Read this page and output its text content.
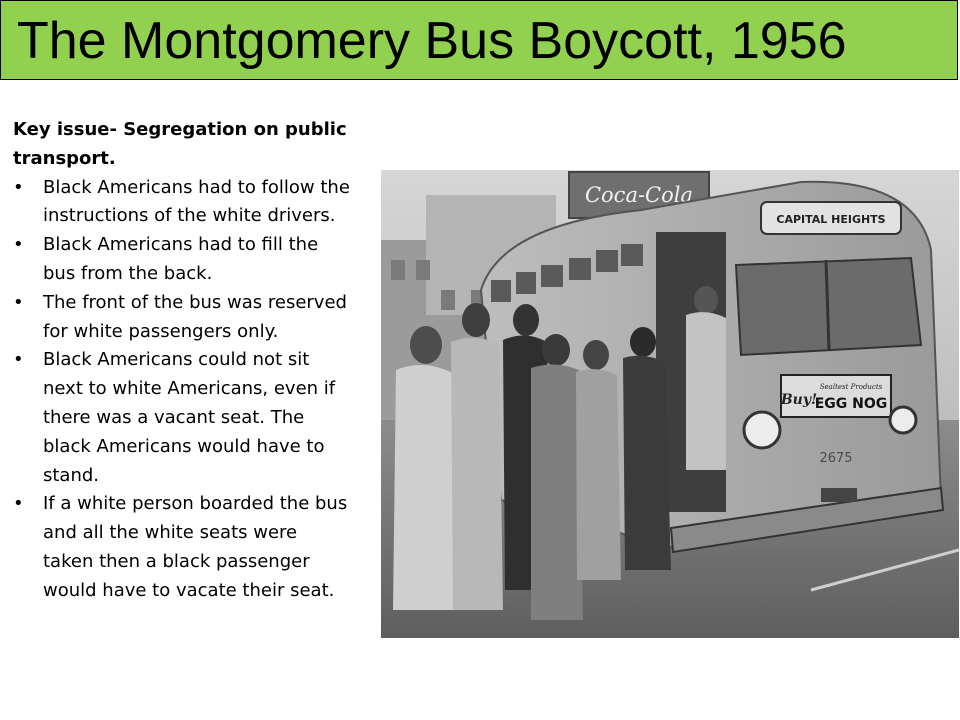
The Montgomery Bus Boycott, 1956

Key issue- Segregation on public transport.

•	Black Americans had to follow the instructions of the white drivers.
•	Black Americans had to fill the bus from the back.
•	The front of the bus was reserved for white passengers only.
•	Black Americans could not sit next to white Americans, even if there was a vacant seat. The black Americans would have to stand.
•	If a white person boarded the bus and all the white seats were taken then a black passenger would have to vacate their seat.
Coca-Cola
CAPITAL HEIGHTS
Buy!
Sealtest Products
EGG NOG
2675
